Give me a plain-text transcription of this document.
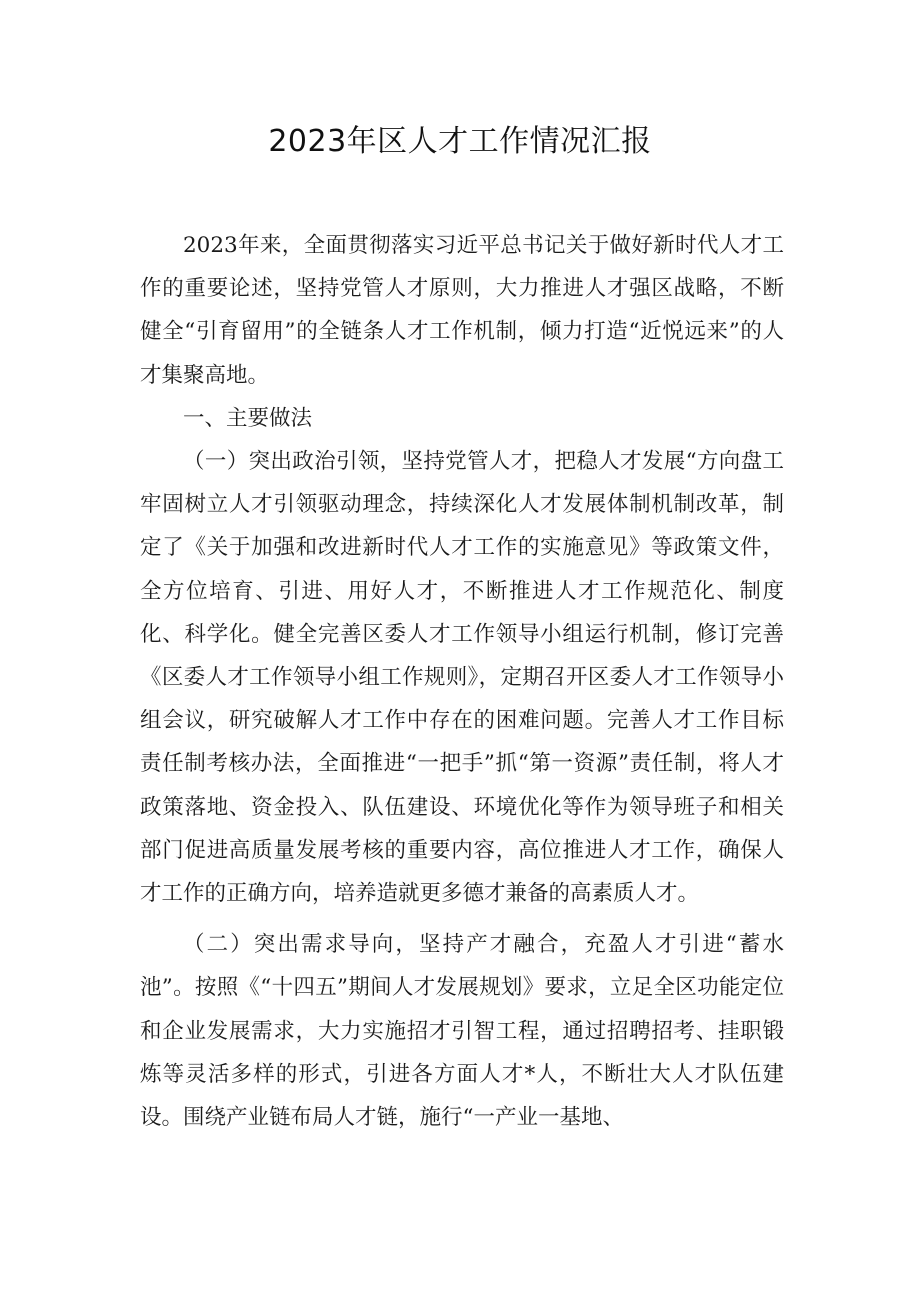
2023年区人才工作情况汇报

2023年来，全面贯彻落实习近平总书记关于做好新时代人才工作的重要论述，坚持党管人才原则，大力推进人才强区战略，不断健全“引育留用”的全链条人才工作机制，倾力打造“近悦远来”的人才集聚高地。

一、主要做法

（一）突出政治引领，坚持党管人才，把稳人才发展“方向盘工牢固树立人才引领驱动理念，持续深化人才发展体制机制改革，制定了《关于加强和改进新时代人才工作的实施意见》等政策文件，全方位培育、引进、用好人才，不断推进人才工作规范化、制度化、科学化。健全完善区委人才工作领导小组运行机制，修订完善《区委人才工作领导小组工作规则》，定期召开区委人才工作领导小组会议，研究破解人才工作中存在的困难问题。完善人才工作目标责任制考核办法，全面推进“一把手”抓“第一资源”责任制，将人才政策落地、资金投入、队伍建设、环境优化等作为领导班子和相关部门促进高质量发展考核的重要内容，高位推进人才工作，确保人才工作的正确方向，培养造就更多德才兼备的高素质人才。

（二）突出需求导向，坚持产才融合，充盈人才引进“蓄水池”。按照《“十四五”期间人才发展规划》要求，立足全区功能定位和企业发展需求，大力实施招才引智工程，通过招聘招考、挂职锻炼等灵活多样的形式，引进各方面人才*人，不断壮大人才队伍建设。围绕产业链布局人才链，施行“一产业一基地、
